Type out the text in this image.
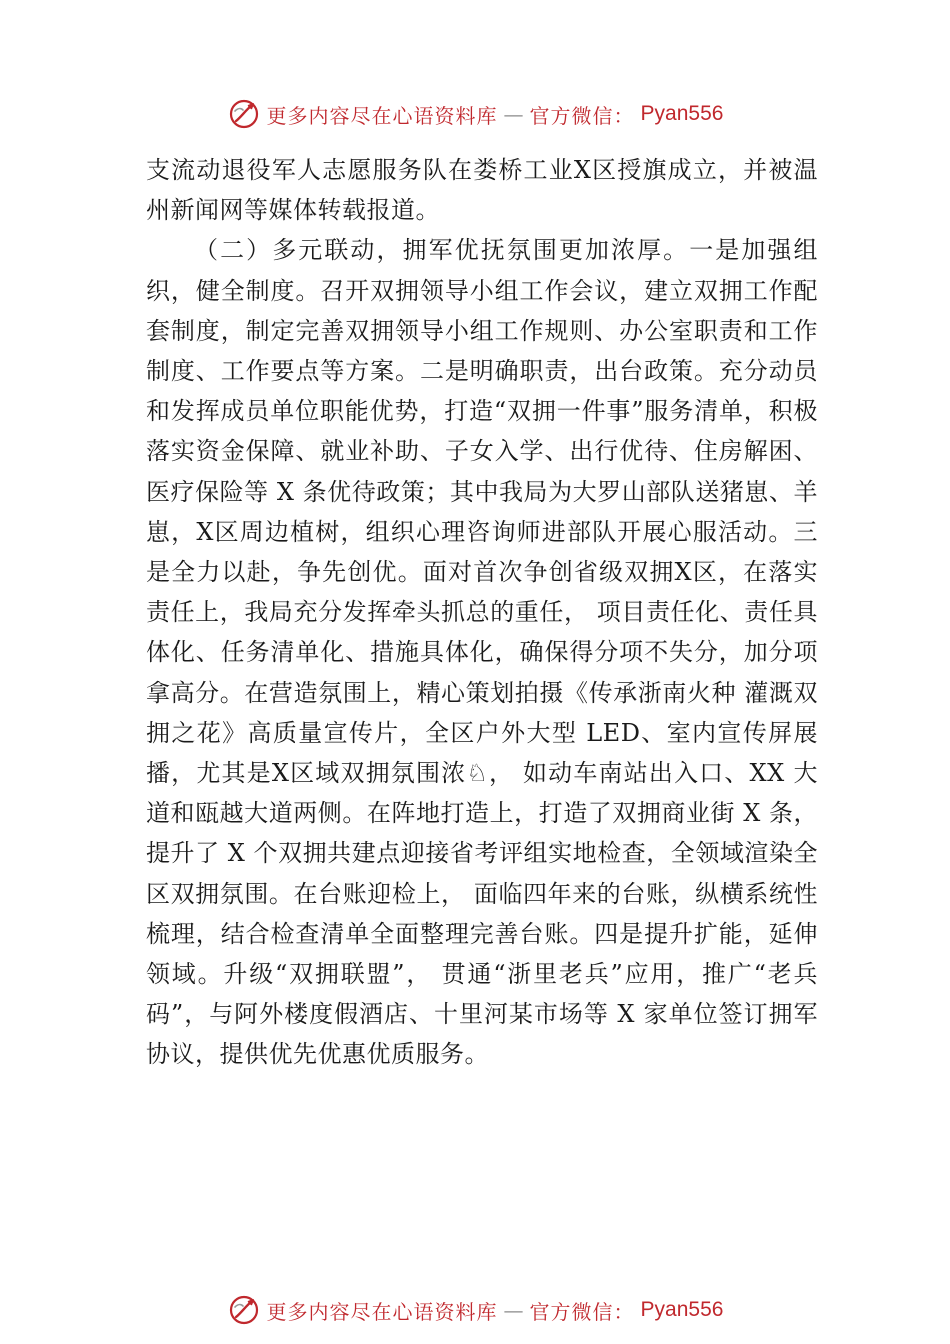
更多内容尽在心语资料库 — 官方微信： Pyan556

支流动退役军人志愿服务队在娄桥工业X区授旗成立，并被温州新闻网等媒体转载报道。

（二）多元联动，拥军优抚氛围更加浓厚。一是加强组织，健全制度。召开双拥领导小组工作会议，建立双拥工作配套制度，制定完善双拥领导小组工作规则、办公室职责和工作制度、工作要点等方案。二是明确职责，出台政策。充分动员和发挥成员单位职能优势，打造“双拥一件事”服务清单，积极落实资金保障、就业补助、子女入学、出行优待、住房解困、医疗保险等 X 条优待政策；其中我局为大罗山部队送猪崽、羊崽，X区周边植树，组织心理咨询师进部队开展心服活动。三是全力以赴，争先创优。面对首次争创省级双拥X区，在落实责任上，我局充分发挥牵头抓总的重任， 项目责任化、责任具体化、任务清单化、措施具体化，确保得分项不失分，加分项拿高分。在营造氛围上，精心策划拍摄《传承浙南火种 灌溉双拥之花》高质量宣传片，全区户外大型 LED、室内宣传屏展播，尤其是X区域双拥氛围浓♘， 如动车南站出入口、XX 大道和瓯越大道两侧。在阵地打造上，打造了双拥商业街 X 条，提升了 X 个双拥共建点迎接省考评组实地检查，全领域渲染全区双拥氛围。在台账迎检上， 面临四年来的台账，纵横系统性梳理，结合检查清单全面整理完善台账。四是提升扩能，延伸领域。升级“双拥联盟”， 贯通“浙里老兵”应用，推广“老兵码”，与阿外楼度假酒店、十里河某市场等 X 家单位签订拥军协议，提供优先优惠优质服务。

更多内容尽在心语资料库 — 官方微信： Pyan556
